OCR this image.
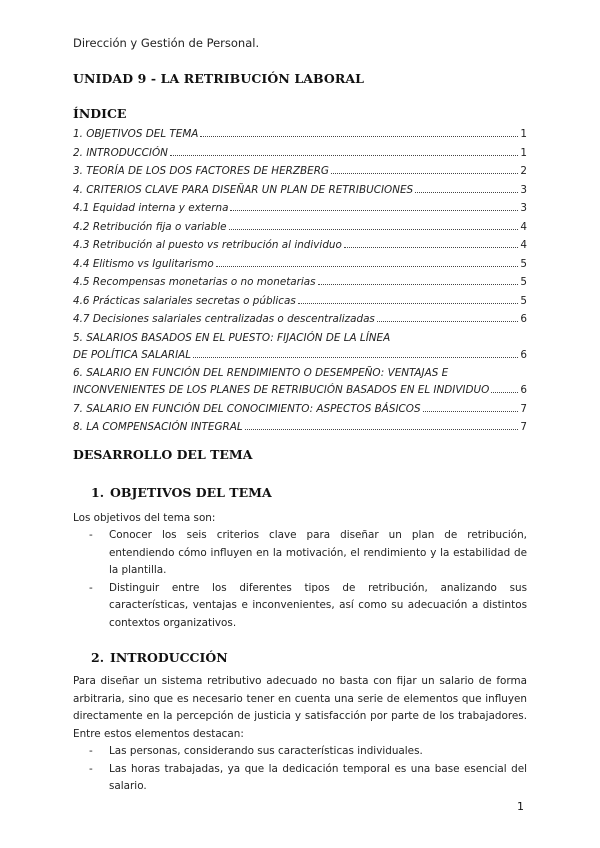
Dirección y Gestión de Personal.
UNIDAD 9 - LA RETRIBUCIÓN LABORAL
ÍNDICE
1. OBJETIVOS DEL TEMA	1
2. INTRODUCCIÓN	1
3. TEORÍA DE LOS DOS FACTORES DE HERZBERG	2
4. CRITERIOS CLAVE PARA DISEÑAR UN PLAN DE RETRIBUCIONES	3
4.1 Equidad interna y externa	3
4.2 Retribución fija o variable	4
4.3 Retribución al puesto vs retribución al individuo	4
4.4 Elitismo vs Igulitarismo	5
4.5 Recompensas monetarias o no monetarias	5
4.6 Prácticas salariales secretas o públicas	5
4.7 Decisiones salariales centralizadas o descentralizadas	6
5. SALARIOS BASADOS EN EL PUESTO: FIJACIÓN DE LA LÍNEA
DE POLÍTICA SALARIAL	6
6. SALARIO EN FUNCIÓN DEL RENDIMIENTO O DESEMPEÑO: VENTAJAS E
INCONVENIENTES DE LOS PLANES DE RETRIBUCIÓN BASADOS EN EL INDIVIDUO	6
7. SALARIO EN FUNCIÓN DEL CONOCIMIENTO: ASPECTOS BÁSICOS	7
8. LA COMPENSACIÓN INTEGRAL	7
DESARROLLO DEL TEMA
1. OBJETIVOS DEL TEMA
Los objetivos del tema son:
- Conocer los seis criterios clave para diseñar un plan de retribución, entendiendo cómo influyen en la motivación, el rendimiento y la estabilidad de la plantilla.
- Distinguir entre los diferentes tipos de retribución, analizando sus características, ventajas e inconvenientes, así como su adecuación a distintos contextos organizativos.
2. INTRODUCCIÓN
Para diseñar un sistema retributivo adecuado no basta con fijar un salario de forma arbitraria, sino que es necesario tener en cuenta una serie de elementos que influyen directamente en la percepción de justicia y satisfacción por parte de los trabajadores. Entre estos elementos destacan:
- Las personas, considerando sus características individuales.
- Las horas trabajadas, ya que la dedicación temporal es una base esencial del salario.
1
